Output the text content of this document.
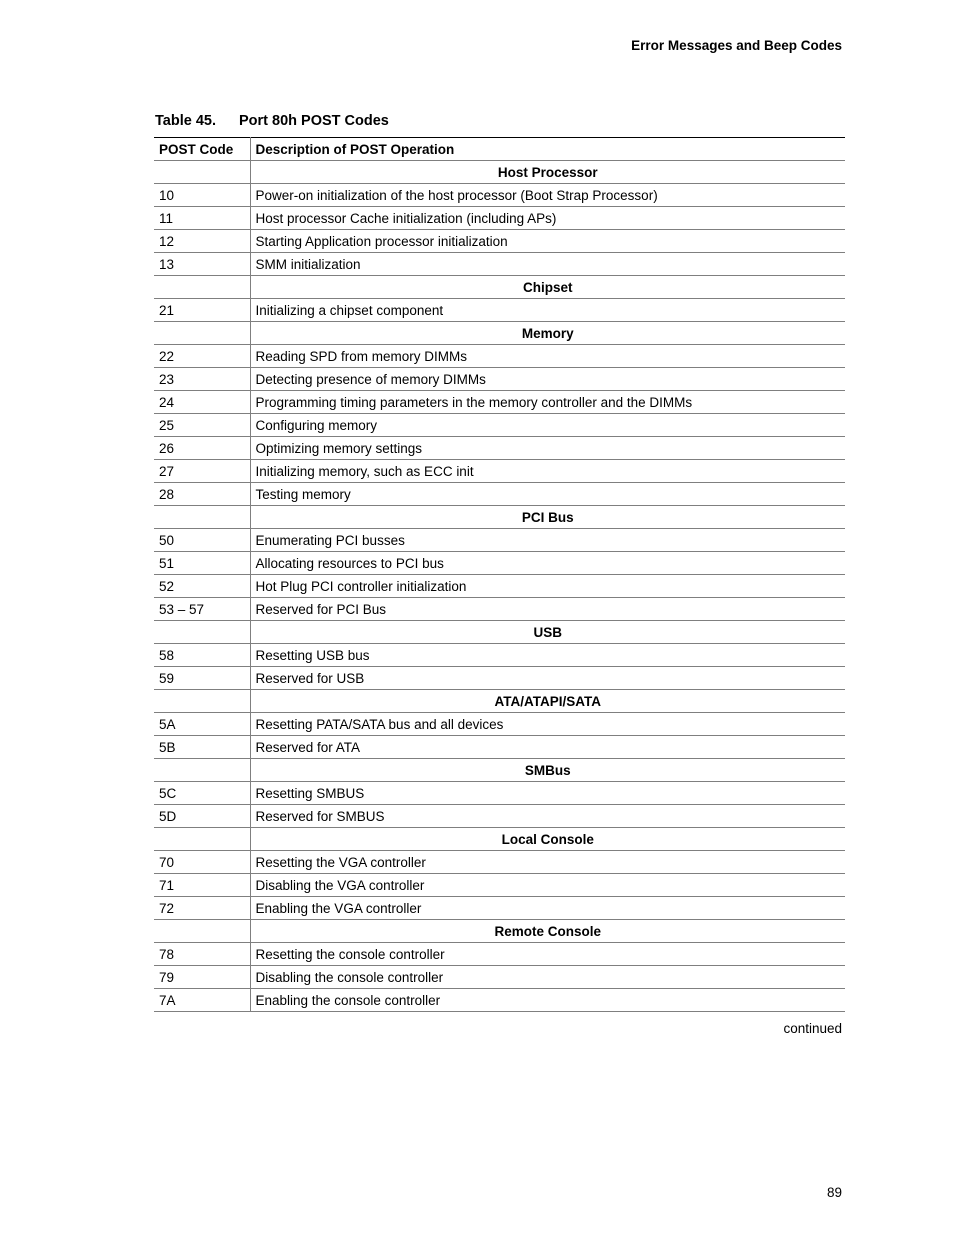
Error Messages and Beep Codes
Table 45. Port 80h POST Codes
POST Code	Description of POST Operation
	Host Processor
10	Power-on initialization of the host processor (Boot Strap Processor)
11	Host processor Cache initialization (including APs)
12	Starting Application processor initialization
13	SMM initialization
	Chipset
21	Initializing a chipset component
	Memory
22	Reading SPD from memory DIMMs
23	Detecting presence of memory DIMMs
24	Programming timing parameters in the memory controller and the DIMMs
25	Configuring memory
26	Optimizing memory settings
27	Initializing memory, such as ECC init
28	Testing memory
	PCI Bus
50	Enumerating PCI busses
51	Allocating resources to PCI bus
52	Hot Plug PCI controller initialization
53 – 57	Reserved for PCI Bus
	USB
58	Resetting USB bus
59	Reserved for USB
	ATA/ATAPI/SATA
5A	Resetting PATA/SATA bus and all devices
5B	Reserved for ATA
	SMBus
5C	Resetting SMBUS
5D	Reserved for SMBUS
	Local Console
70	Resetting the VGA controller
71	Disabling the VGA controller
72	Enabling the VGA controller
	Remote Console
78	Resetting the console controller
79	Disabling the console controller
7A	Enabling the console controller
continued
89
